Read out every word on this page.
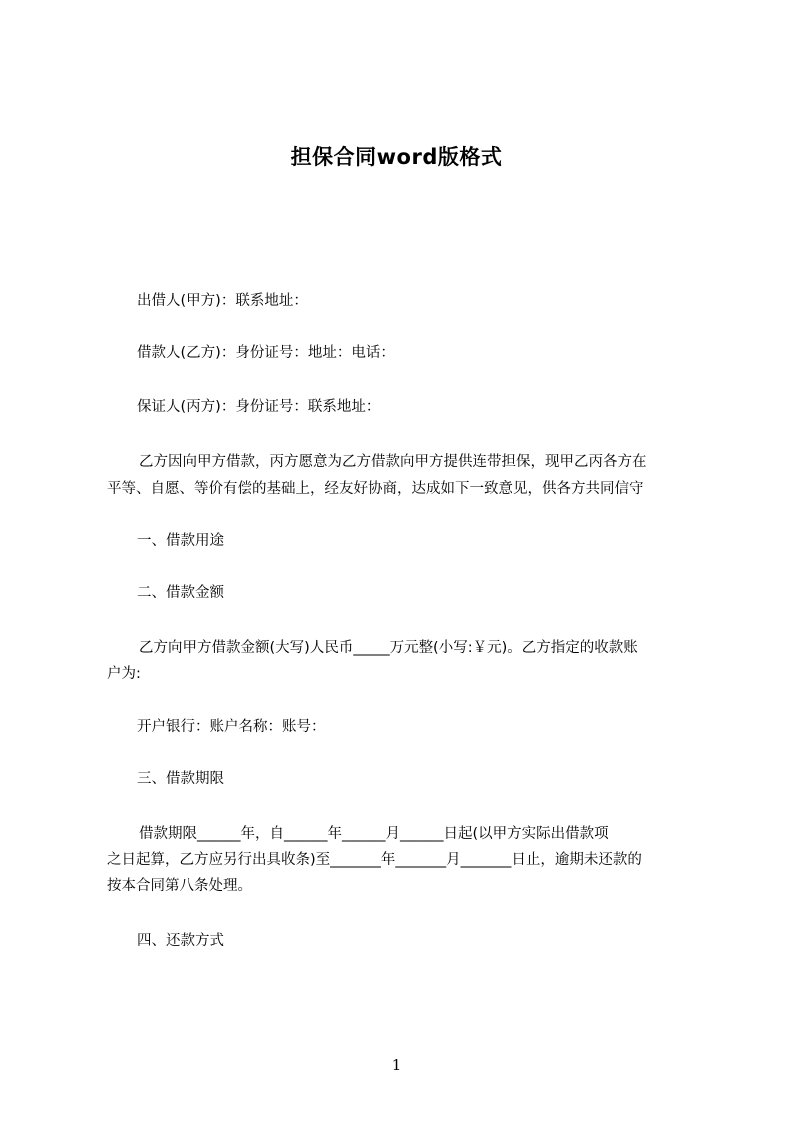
担保合同word版格式
出借人(甲方)：联系地址：
借款人(乙方)：身份证号：地址：电话：
保证人(丙方)：身份证号：联系地址：
乙方因向甲方借款，丙方愿意为乙方借款向甲方提供连带担保，现甲乙丙各方在
平等、自愿、等价有偿的基础上，经友好协商，达成如下一致意见，供各方共同信守
一、借款用途
二、借款金额
乙方向甲方借款金额(大写)人民币_____万元整(小写:￥元)。乙方指定的收款账
户为:
开户银行：账户名称：账号：
三、借款期限
借款期限______年，自______年______月______日起(以甲方实际出借款项
之日起算，乙方应另行出具收条)至_______年_______月_______日止，逾期未还款的
按本合同第八条处理。
四、还款方式
1
